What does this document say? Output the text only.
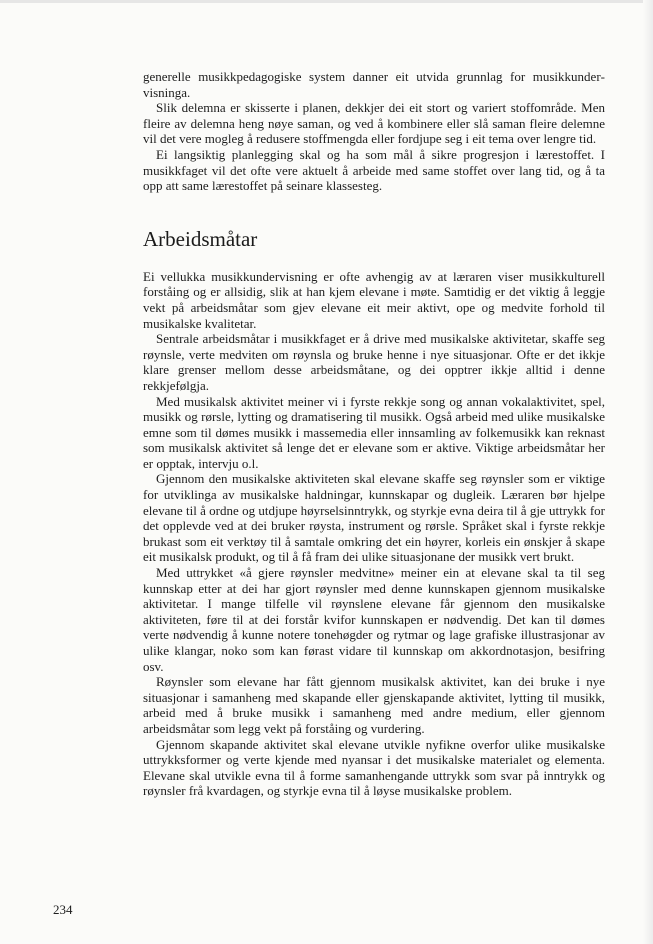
generelle musikkpedagogiske system danner eit utvida grunnlag for musikkundervisninga.

Slik delemna er skisserte i planen, dekkjer dei eit stort og variert stoffområde. Men fleire av delemna heng nøye saman, og ved å kombinere eller slå saman fleire delemne vil det vere mogleg å redusere stoffmengda eller fordjupe seg i eit tema over lengre tid.

Ei langsiktig planlegging skal og ha som mål å sikre progresjon i lærestoffet. I musikkfaget vil det ofte vere aktuelt å arbeide med same stoffet over lang tid, og å ta opp att same lærestoffet på seinare klassesteg.

Arbeidsmåtar

Ei vellukka musikkundervisning er ofte avhengig av at læraren viser musikkulturell forståing og er allsidig, slik at han kjem elevane i møte. Samtidig er det viktig å leggje vekt på arbeidsmåtar som gjev elevane eit meir aktivt, ope og medvite forhold til musikalske kvalitetar.

Sentrale arbeidsmåtar i musikkfaget er å drive med musikalske aktivitetar, skaffe seg røynsle, verte medviten om røynsla og bruke henne i nye situasjonar. Ofte er det ikkje klare grenser mellom desse arbeidsmåtane, og dei opptrer ikkje alltid i denne rekkjefølgja.

Med musikalsk aktivitet meiner vi i fyrste rekkje song og annan vokalaktivitet, spel, musikk og rørsle, lytting og dramatisering til musikk. Også arbeid med ulike musikalske emne som til dømes musikk i massemedia eller innsamling av folkemusikk kan reknast som musikalsk aktivitet så lenge det er elevane som er aktive. Viktige arbeidsmåtar her er opptak, intervju o.l.

Gjennom den musikalske aktiviteten skal elevane skaffe seg røynsler som er viktige for utviklinga av musikalske haldningar, kunnskapar og dugleik. Læraren bør hjelpe elevane til å ordne og utdjupe høyrselsinntrykk, og styrkje evna deira til å gje uttrykk for det opplevde ved at dei bruker røysta, instrument og rørsle. Språket skal i fyrste rekkje brukast som eit verktøy til å samtale omkring det ein høyrer, korleis ein ønskjer å skape eit musikalsk produkt, og til å få fram dei ulike situasjonane der musikk vert brukt.

Med uttrykket «å gjere røynsler medvitne» meiner ein at elevane skal ta til seg kunnskap etter at dei har gjort røynsler med denne kunnskapen gjennom musikalske aktivitetar. I mange tilfelle vil røynslene elevane får gjennom den musikalske aktiviteten, føre til at dei forstår kvifor kunnskapen er nødvendig. Det kan til dømes verte nødvendig å kunne notere tonehøgder og rytmar og lage grafiske illustrasjonar av ulike klangar, noko som kan førast vidare til kunnskap om akkordnotasjon, besifring osv.

Røynsler som elevane har fått gjennom musikalsk aktivitet, kan dei bruke i nye situasjonar i samanheng med skapande eller gjenskapande aktivitet, lytting til musikk, arbeid med å bruke musikk i samanheng med andre medium, eller gjennom arbeidsmåtar som legg vekt på forståing og vurdering.

Gjennom skapande aktivitet skal elevane utvikle nyfikne overfor ulike musikalske uttrykksformer og verte kjende med nyansar i det musikalske materialet og elementa. Elevane skal utvikle evna til å forme samanhengande uttrykk som svar på inntrykk og røynsler frå kvardagen, og styrkje evna til å løyse musikalske problem.

234
